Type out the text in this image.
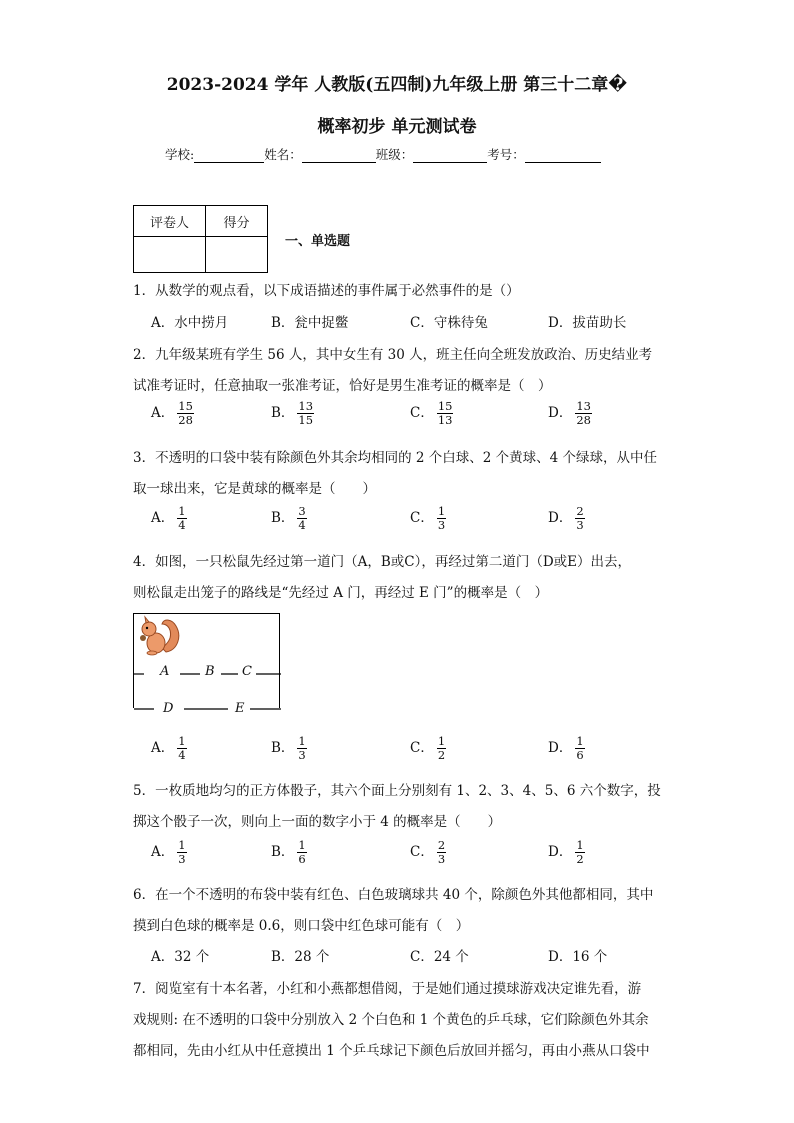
2023-2024 学年 人教版(五四制)九年级上册 第三十二章�
概率初步 单元测试卷
学校:	姓名：	班级：	考号：
评卷人	得分

一、单选题
1．从数学的观点看，以下成语描述的事件属于必然事件的是（）
A．水中捞月	B．瓮中捉鳖	C．守株待兔	D．拔苗助长
2．九年级某班有学生 56 人，其中女生有 30 人，班主任向全班发放政治、历史结业考
试准考证时，任意抽取一张准考证，恰好是男生准考证的概率是（　）
A． $\frac{15}{28}$	B． $\frac{13}{15}$	C． $\frac{15}{13}$	D． $\frac{13}{28}$
3．不透明的口袋中装有除颜色外其余均相同的 2 个白球、2 个黄球、4 个绿球，从中任
取一球出来，它是黄球的概率是（　　）
A． $\frac{1}{4}$	B． $\frac{3}{4}$	C． $\frac{1}{3}$	D． $\frac{2}{3}$
4．如图，一只松鼠先经过第一道门（A，B或C），再经过第二道门（D或E）出去，
则松鼠走出笼子的路线是“先经过 A 门，再经过 E 门”的概率是（　）
A	B C
D	E
A． $\frac{1}{4}$	B． $\frac{1}{3}$	C． $\frac{1}{2}$	D． $\frac{1}{6}$
5．一枚质地均匀的正方体骰子，其六个面上分别刻有 1、2、3、4、5、6 六个数字，投
掷这个骰子一次，则向上一面的数字小于 4 的概率是（　　）
A． $\frac{1}{3}$	B． $\frac{1}{6}$	C． $\frac{2}{3}$	D． $\frac{1}{2}$
6．在一个不透明的布袋中装有红色、白色玻璃球共 40 个，除颜色外其他都相同，其中
摸到白色球的概率是 0.6，则口袋中红色球可能有（　）
A．32 个	B．28 个	C．24 个	D．16 个
7．阅览室有十本名著，小红和小燕都想借阅，于是她们通过摸球游戏决定谁先看，游
戏规则: 在不透明的口袋中分别放入 2 个白色和 1 个黄色的乒乓球，它们除颜色外其余
都相同，先由小红从中任意摸出 1 个乒乓球记下颜色后放回并摇匀，再由小燕从口袋中
